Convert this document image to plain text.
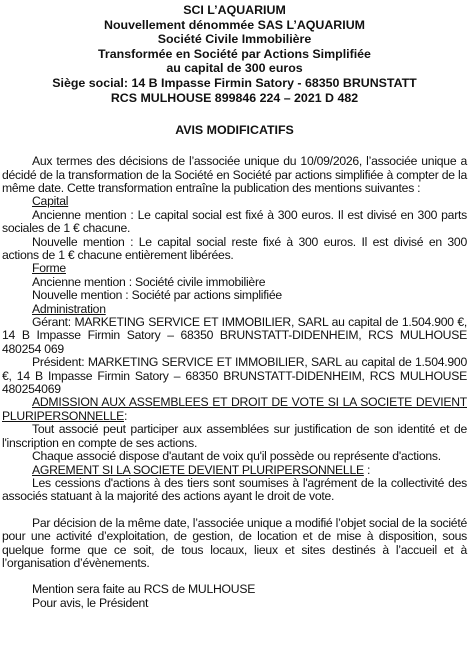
SCI L’AQUARIUM

Nouvellement dénommée SAS L’AQUARIUM

Société Civile Immobilière

Transformée en Société par Actions Simplifiée

au capital de 300 euros

Siège social: 14 B Impasse Firmin Satory - 68350 BRUNSTATT

RCS MULHOUSE 899846 224 – 2021 D 482

AVIS MODIFICATIFS

Aux termes des décisions de l’associée unique du 10/09/2026, l’associée unique a décidé de la transformation de la Société en Société par actions simplifiée à compter de la même date. Cette transformation entraîne la publication des mentions suivantes :

Capital

Ancienne mention : Le capital social est fixé à 300 euros. Il est divisé en 300 parts sociales de 1 € chacune.

Nouvelle mention : Le capital social reste fixé à 300 euros. Il est divisé en 300 actions de 1 € chacune entièrement libérées.

Forme

Ancienne mention : Société civile immobilière

Nouvelle mention : Société par actions simplifiée

Administration

Gérant: MARKETING SERVICE ET IMMOBILIER, SARL au capital de 1.504.900 €, 14 B Impasse Firmin Satory – 68350 BRUNSTATT-DIDENHEIM, RCS MULHOUSE 480254 069

Président: MARKETING SERVICE ET IMMOBILIER, SARL au capital de 1.504.900 €, 14 B Impasse Firmin Satory – 68350 BRUNSTATT-DIDENHEIM, RCS MULHOUSE 480254069

ADMISSION AUX ASSEMBLEES ET DROIT DE VOTE SI LA SOCIETE DEVIENT PLURIPERSONNELLE:

Tout associé peut participer aux assemblées sur justification de son identité et de l'inscription en compte de ses actions.

Chaque associé dispose d'autant de voix qu'il possède ou représente d'actions.

AGREMENT SI LA SOCIETE DEVIENT PLURIPERSONNELLE :

Les cessions d'actions à des tiers sont soumises à l'agrément de la collectivité des associés statuant à la majorité des actions ayant le droit de vote.

Par décision de la même date, l’associée unique a modifié l’objet social de la société pour une activité d’exploitation, de gestion, de location et de mise à disposition, sous quelque forme que ce soit, de tous locaux, lieux et sites destinés à l’accueil et à l’organisation d’évènements.

Mention sera faite au RCS de MULHOUSE

Pour avis, le Président
